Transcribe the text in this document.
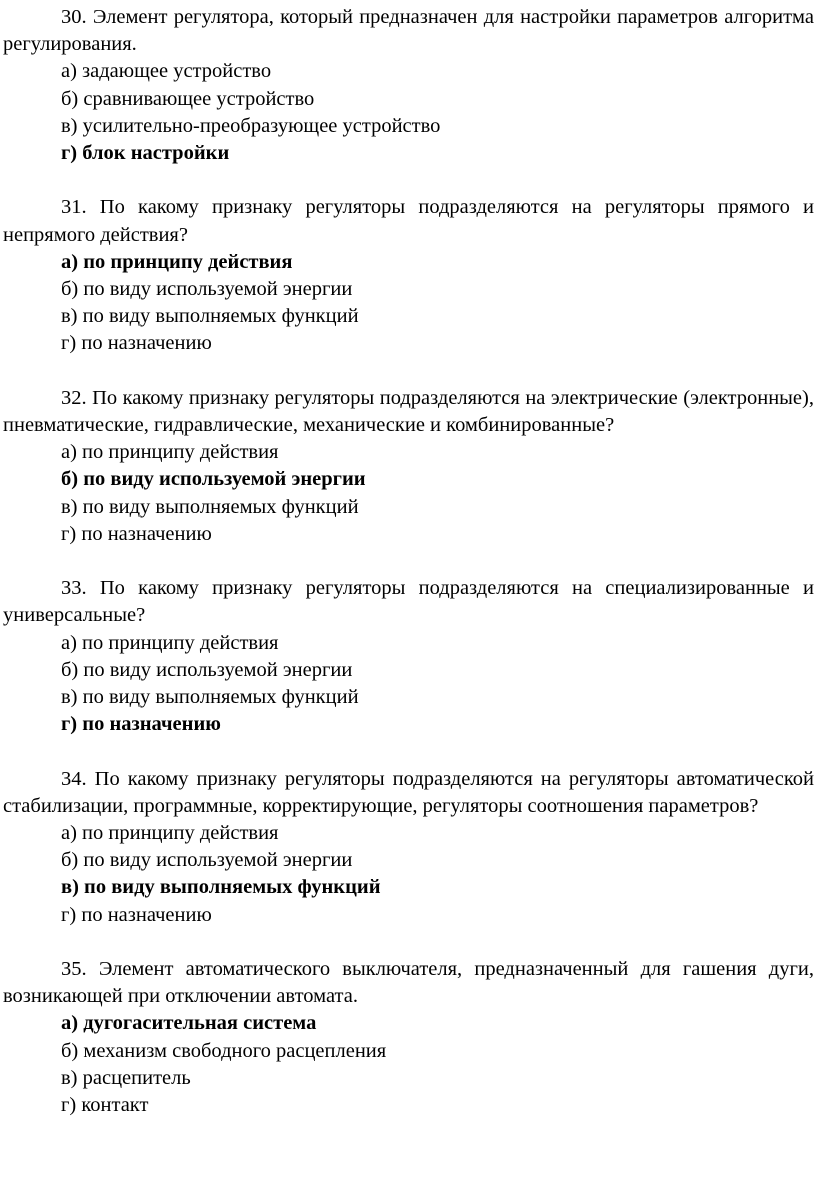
30. Элемент регулятора, который предназначен для настройки параметров алгоритма регулирования.

а) задающее устройство

б) сравнивающее устройство

в) усилительно-преобразующее устройство

г) блок настройки

31. По какому признаку регуляторы подразделяются на регуляторы прямого и непрямого действия?

а) по принципу действия

б) по виду используемой энергии

в) по виду выполняемых функций

г) по назначению

32. По какому признаку регуляторы подразделяются на электрические (электронные), пневматические, гидравлические, механические и комбинированные?

а) по принципу действия

б) по виду используемой энергии

в) по виду выполняемых функций

г) по назначению

33. По какому признаку регуляторы подразделяются на специализированные и универсальные?

а) по принципу действия

б) по виду используемой энергии

в) по виду выполняемых функций

г) по назначению

34. По какому признаку регуляторы подразделяются на регуляторы автоматической стабилизации, программные, корректирующие, регуляторы соотношения параметров?

а) по принципу действия

б) по виду используемой энергии

в) по виду выполняемых функций

г) по назначению

35. Элемент автоматического выключателя, предназначенный для гашения дуги, возникающей при отключении автомата.

а) дугогасительная система

б) механизм свободного расцепления

в) расцепитель

г) контакт
